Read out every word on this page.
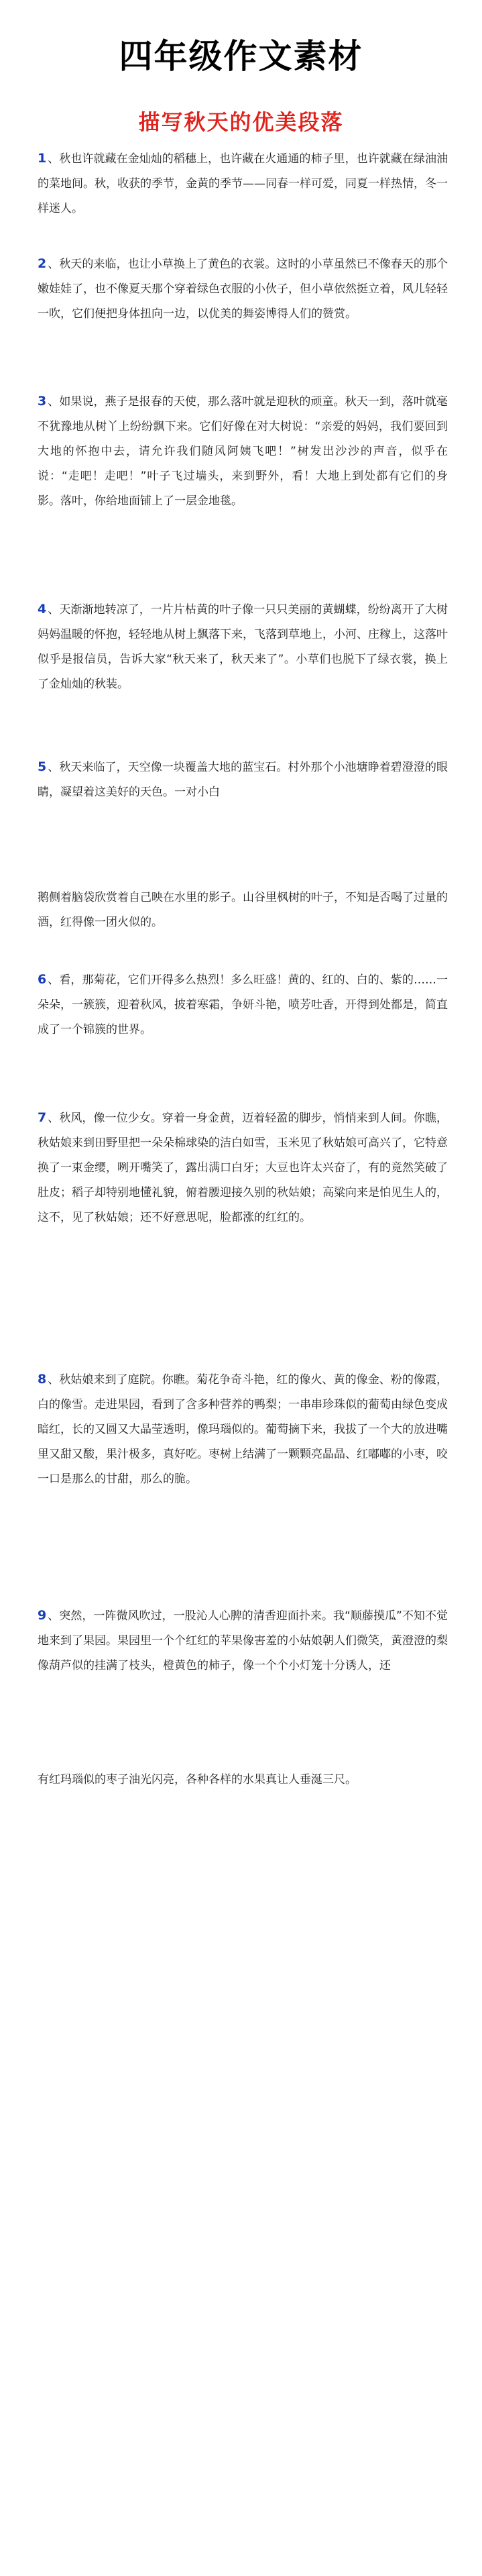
四年级作文素材
描写秋天的优美段落

1 、秋也许就藏在金灿灿的稻穗上，也许藏在火通通的柿子里，也许就藏在绿油油的菜地间。秋，收获的季节，金黄的季节——同春一样可爱，同夏一样热情，冬一样迷人。

2 、秋天的来临，也让小草换上了黄色的衣裳。这时的小草虽然已不像春天的那个嫩娃娃了，也不像夏天那个穿着绿色衣服的小伙子，但小草依然挺立着，风儿轻轻一吹，它们便把身体扭向一边，以优美的舞姿博得人们的赞赏。

3 、如果说，燕子是报春的天使，那么落叶就是迎秋的顽童。秋天一到，落叶就毫不犹豫地从树丫上纷纷飘下来。它们好像在对大树说：“亲爱的妈妈，我们要回到大地的怀抱中去，请允许我们随风阿姨飞吧！”树发出沙沙的声音，似乎在说：“走吧！走吧！”叶子飞过墙头，来到野外，看！大地上到处都有它们的身影。落叶，你给地面铺上了一层金地毯。

4 、天渐渐地转凉了，一片片枯黄的叶子像一只只美丽的黄蝴蝶，纷纷离开了大树妈妈温暖的怀抱，轻轻地从树上飘落下来，飞落到草地上，小河、庄稼上，这落叶似乎是报信员，告诉大家“秋天来了，秋天来了”。小草们也脱下了绿衣裳，换上了金灿灿的秋装。

5 、秋天来临了，天空像一块覆盖大地的蓝宝石。村外那个小池塘睁着碧澄澄的眼睛，凝望着这美好的天色。一对小白

鹅侧着脑袋欣赏着自己映在水里的影子。山谷里枫树的叶子，不知是否喝了过量的酒，红得像一团火似的。

6 、看，那菊花，它们开得多么热烈！多么旺盛！黄的、红的、白的、紫的……一朵朵，一簇簇，迎着秋风，披着寒霜，争妍斗艳，喷芳吐香，开得到处都是，简直成了一个锦簇的世界。

7 、秋风，像一位少女。穿着一身金黄，迈着轻盈的脚步，悄悄来到人间。你瞧，秋姑娘来到田野里把一朵朵棉球染的洁白如雪，玉米见了秋姑娘可高兴了，它特意换了一束金缨，咧开嘴笑了，露出满口白牙；大豆也许太兴奋了，有的竟然笑破了肚皮；稻子却特别地懂礼貌，俯着腰迎接久别的秋姑娘；高粱向来是怕见生人的，这不，见了秋姑娘；还不好意思呢，脸都涨的红红的。

8 、秋姑娘来到了庭院。你瞧。菊花争奇斗艳，红的像火、黄的像金、粉的像霞，白的像雪。走进果园，看到了含多种营养的鸭梨；一串串珍珠似的葡萄由绿色变成暗红，长的又圆又大晶莹透明，像玛瑙似的。葡萄摘下来，我拔了一个大的放进嘴里又甜又酸，果汁极多，真好吃。枣树上结满了一颗颗亮晶晶、红嘟嘟的小枣，咬一口是那么的甘甜，那么的脆。

9 、突然，一阵微风吹过，一股沁人心脾的清香迎面扑来。我“顺藤摸瓜”不知不觉地来到了果园。果园里一个个红红的苹果像害羞的小姑娘朝人们微笑，黄澄澄的梨像葫芦似的挂满了枝头，橙黄色的柿子，像一个个小灯笼十分诱人，还

有红玛瑙似的枣子油光闪亮，各种各样的水果真让人垂涎三尺。
